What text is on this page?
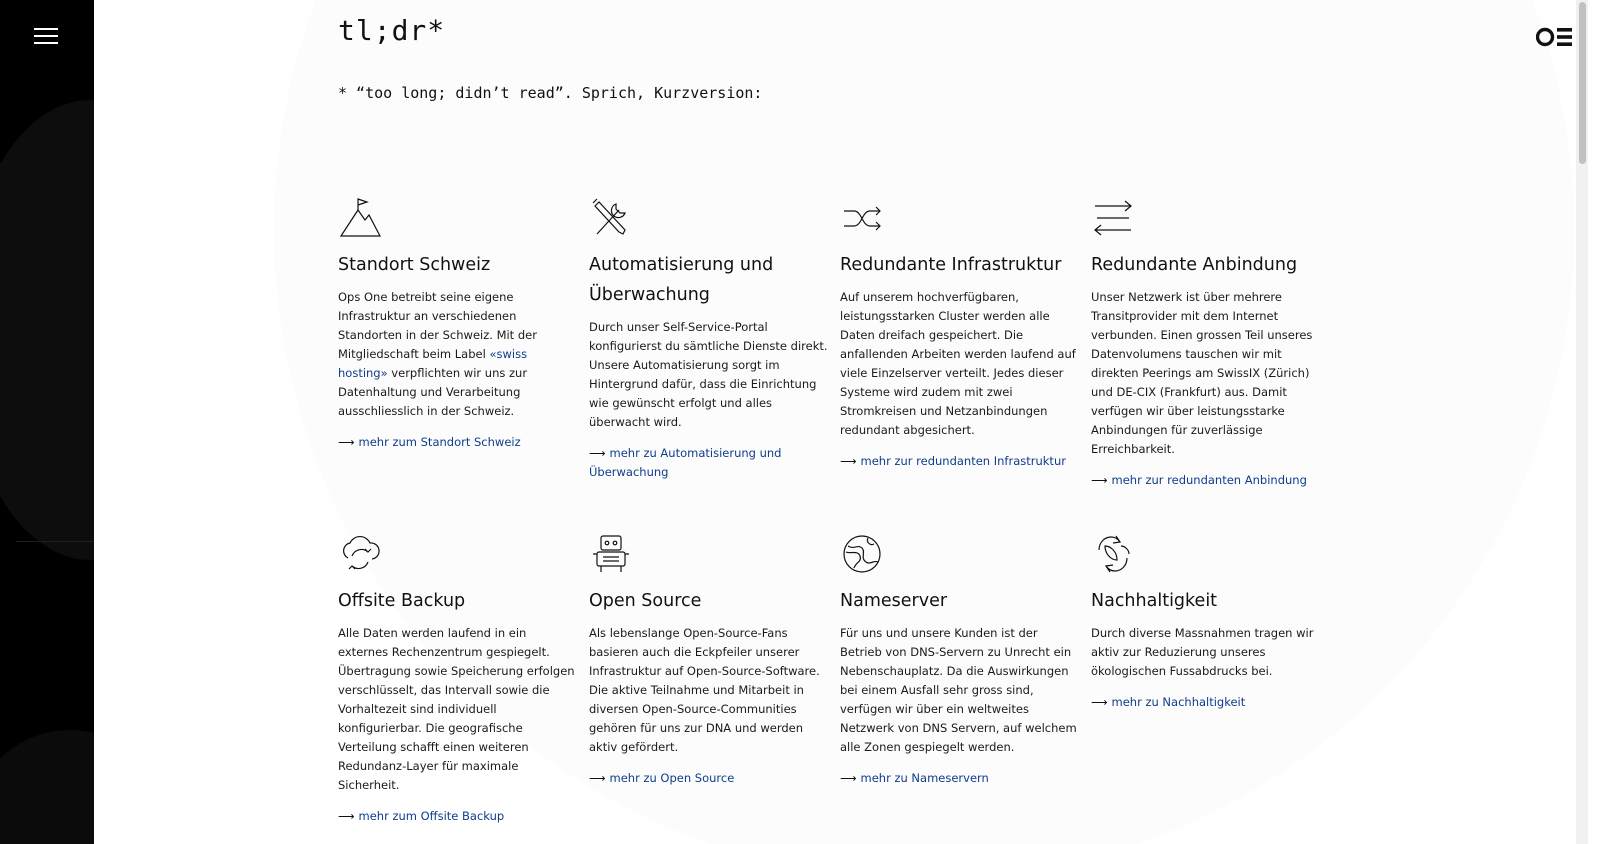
tl;dr*
* “too long; didn’t read”. Sprich, Kurzversion:
Standort Schweiz

Ops One betreibt seine eigene Infrastruktur an verschiedenen Standorten in der Schweiz. Mit der Mitgliedschaft beim Label «swiss hosting» verpflichten wir uns zur Datenhaltung und Verarbeitung ausschliesslich in der Schweiz.

⟶ mehr zum Standort Schweiz
Automatisierung und Überwachung

Durch unser Self-Service-Portal konfigurierst du sämtliche Dienste direkt. Unsere Automatisierung sorgt im Hintergrund dafür, dass die Einrichtung wie gewünscht erfolgt und alles überwacht wird.

⟶ mehr zu Automatisierung und Überwachung
Redundante Infrastruktur

Auf unserem hochverfügbaren, leistungsstarken Cluster werden alle Daten dreifach gespeichert. Die anfallenden Arbeiten werden laufend auf viele Einzelserver verteilt. Jedes dieser Systeme wird zudem mit zwei Stromkreisen und Netzanbindungen redundant abgesichert.

⟶ mehr zur redundanten Infrastruktur
Redundante Anbindung

Unser Netzwerk ist über mehrere Transitprovider mit dem Internet verbunden. Einen grossen Teil unseres Datenvolumens tauschen wir mit direkten Peerings am SwissIX (Zürich) und DE-CIX (Frankfurt) aus. Damit verfügen wir über leistungsstarke Anbindungen für zuverlässige Erreichbarkeit.

⟶ mehr zur redundanten Anbindung
Offsite Backup

Alle Daten werden laufend in ein externes Rechenzentrum gespiegelt. Übertragung sowie Speicherung erfolgen verschlüsselt, das Intervall sowie die Vorhaltezeit sind individuell konfigurierbar. Die geografische Verteilung schafft einen weiteren Redundanz-Layer für maximale Sicherheit.

⟶ mehr zum Offsite Backup
Open Source

Als lebenslange Open-Source-Fans basieren auch die Eckpfeiler unserer Infrastruktur auf Open-Source-Software. Die aktive Teilnahme und Mitarbeit in diversen Open-Source-Communities gehören für uns zur DNA und werden aktiv gefördert.

⟶ mehr zu Open Source
Nameserver

Für uns und unsere Kunden ist der Betrieb von DNS-Servern zu Unrecht ein Nebenschauplatz. Da die Auswirkungen bei einem Ausfall sehr gross sind, verfügen wir über ein weltweites Netzwerk von DNS Servern, auf welchem alle Zonen gespiegelt werden.

⟶ mehr zu Nameservern
Nachhaltigkeit

Durch diverse Massnahmen tragen wir aktiv zur Reduzierung unseres ökologischen Fussabdrucks bei.

⟶ mehr zu Nachhaltigkeit
